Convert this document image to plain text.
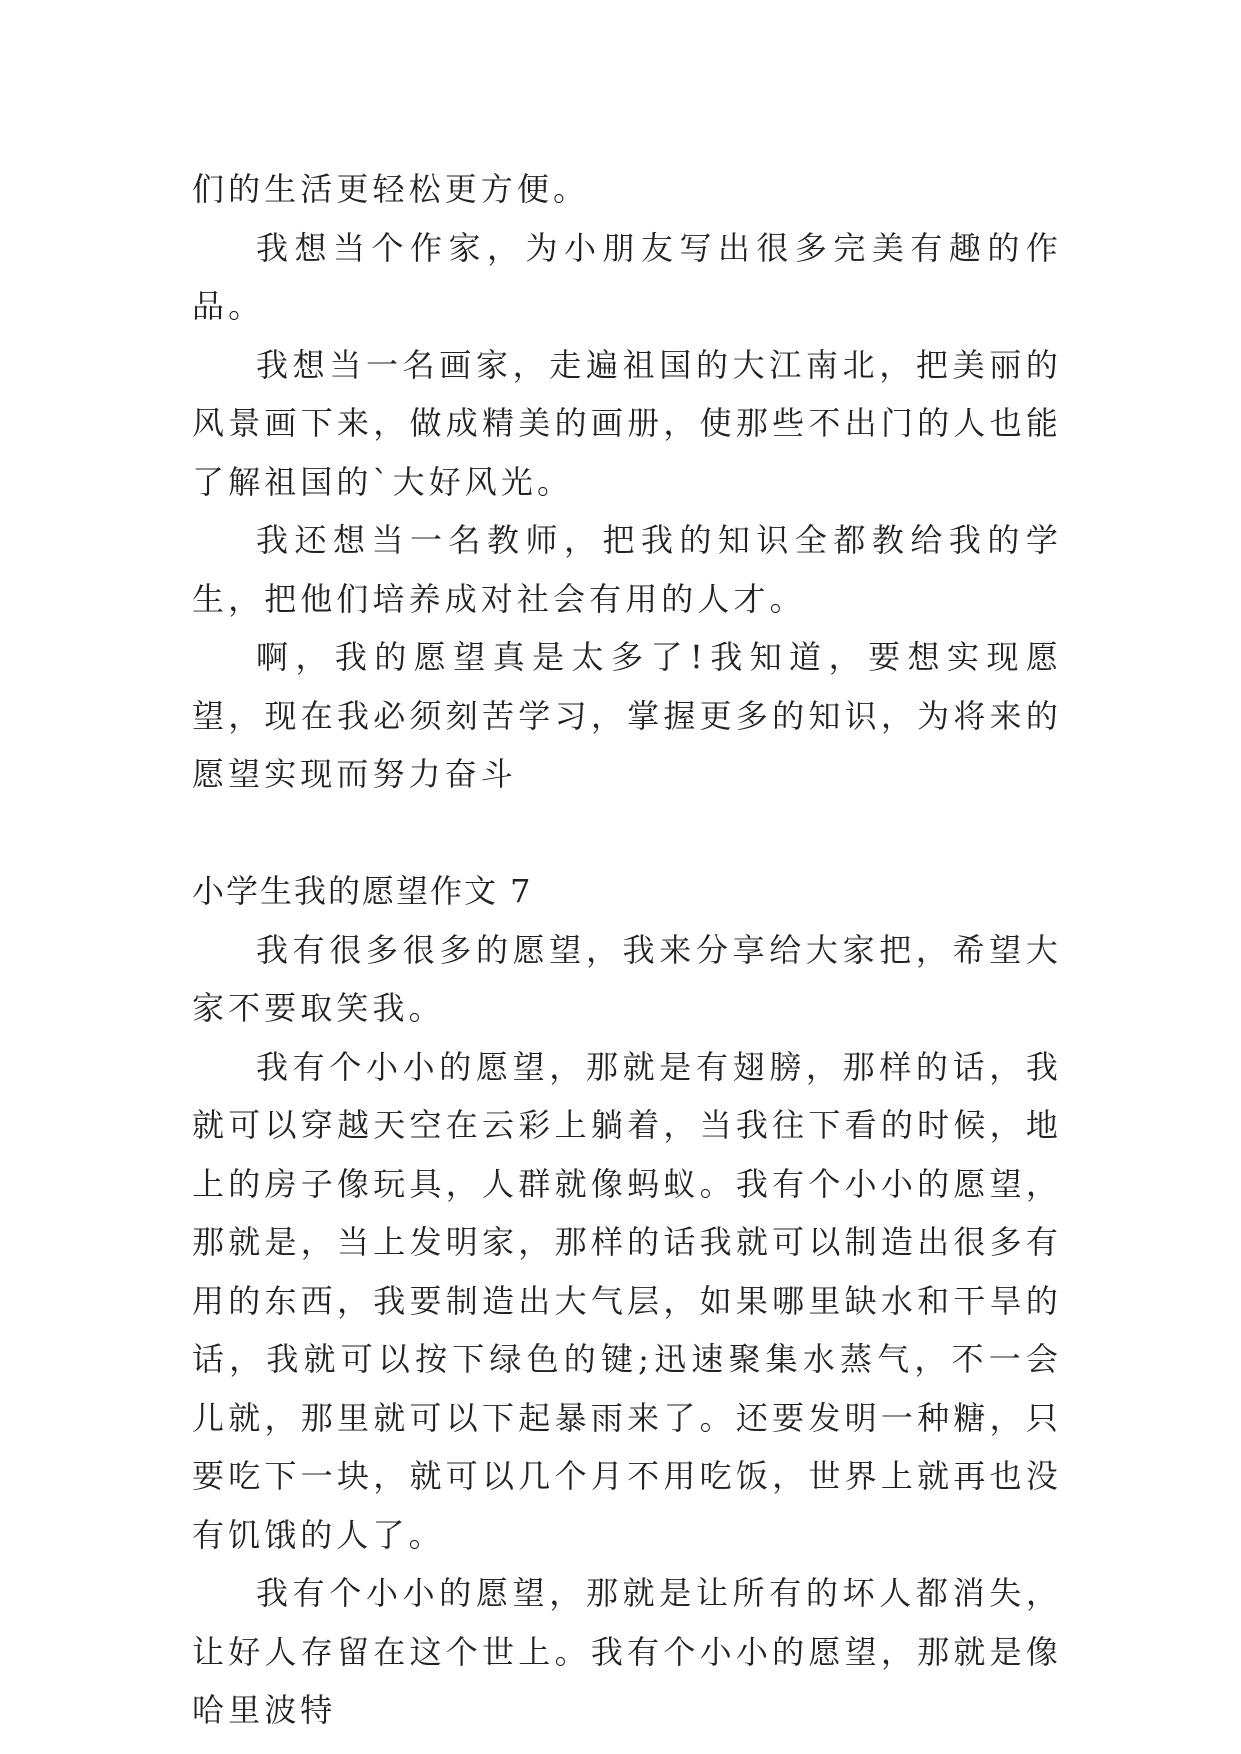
们的生活更轻松更方便。

我想当个作家，为小朋友写出很多完美有趣的作品。

我想当一名画家，走遍祖国的大江南北，把美丽的风景画下来，做成精美的画册，使那些不出门的人也能了解祖国的`大好风光。

我还想当一名教师，把我的知识全都教给我的学生，把他们培养成对社会有用的人才。

啊，我的愿望真是太多了!我知道，要想实现愿望，现在我必须刻苦学习，掌握更多的知识，为将来的愿望实现而努力奋斗

小学生我的愿望作文 7

我有很多很多的愿望，我来分享给大家把，希望大家不要取笑我。

我有个小小的愿望，那就是有翅膀，那样的话，我就可以穿越天空在云彩上躺着，当我往下看的时候，地上的房子像玩具，人群就像蚂蚁。我有个小小的愿望，那就是，当上发明家，那样的话我就可以制造出很多有用的东西，我要制造出大气层，如果哪里缺水和干旱的话，我就可以按下绿色的键;迅速聚集水蒸气，不一会儿就，那里就可以下起暴雨来了。还要发明一种糖，只要吃下一块，就可以几个月不用吃饭，世界上就再也没有饥饿的人了。

我有个小小的愿望，那就是让所有的坏人都消失，让好人存留在这个世上。我有个小小的愿望，那就是像哈里波特
